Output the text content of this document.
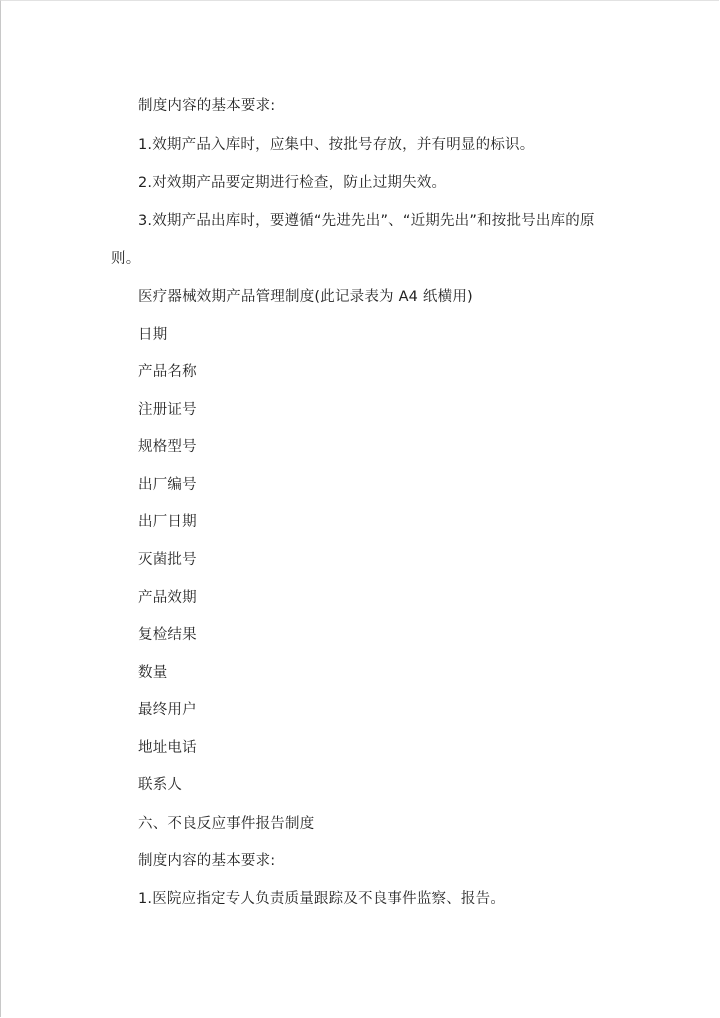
制度内容的基本要求:
1.效期产品入库时，应集中、按批号存放，并有明显的标识。
2.对效期产品要定期进行检查，防止过期失效。
3.效期产品出库时，要遵循“先进先出”、“近期先出”和按批号出库的原
则。
医疗器械效期产品管理制度(此记录表为 A4 纸横用)
日期
产品名称
注册证号
规格型号
出厂编号
出厂日期
灭菌批号
产品效期
复检结果
数量
最终用户
地址电话
联系人
六、不良反应事件报告制度
制度内容的基本要求:
1.医院应指定专人负责质量跟踪及不良事件监察、报告。
